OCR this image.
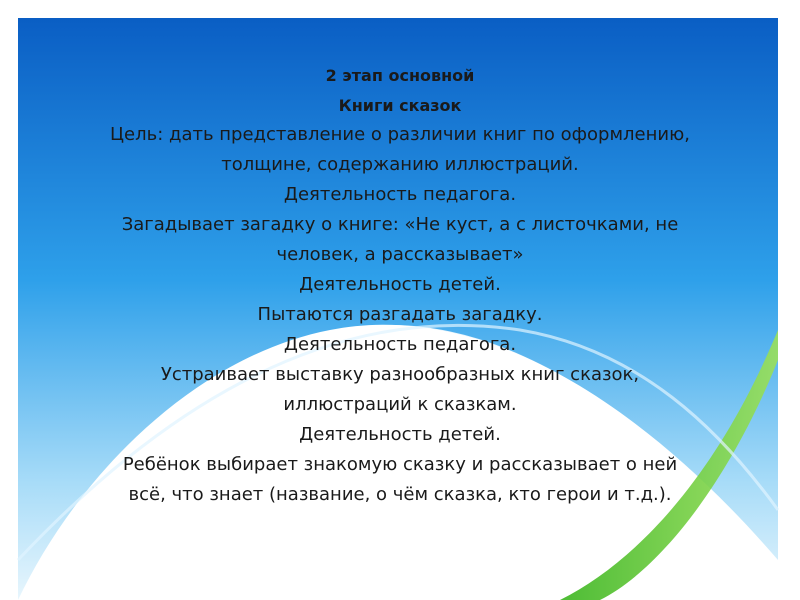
2 этап основной
Книги сказок
Цель: дать представление о различии книг по оформлению,
толщине, содержанию иллюстраций.
Деятельность педагога.
Загадывает загадку о книге: «Не куст, а с листочками, не
человек, а рассказывает»
Деятельность детей.
Пытаются разгадать загадку.
Деятельность педагога.
Устраивает выставку разнообразных книг сказок,
иллюстраций к сказкам.
Деятельность детей.
Ребёнок выбирает знакомую сказку и рассказывает о ней
всё, что знает (название, о чём сказка, кто герои и т.д.).
